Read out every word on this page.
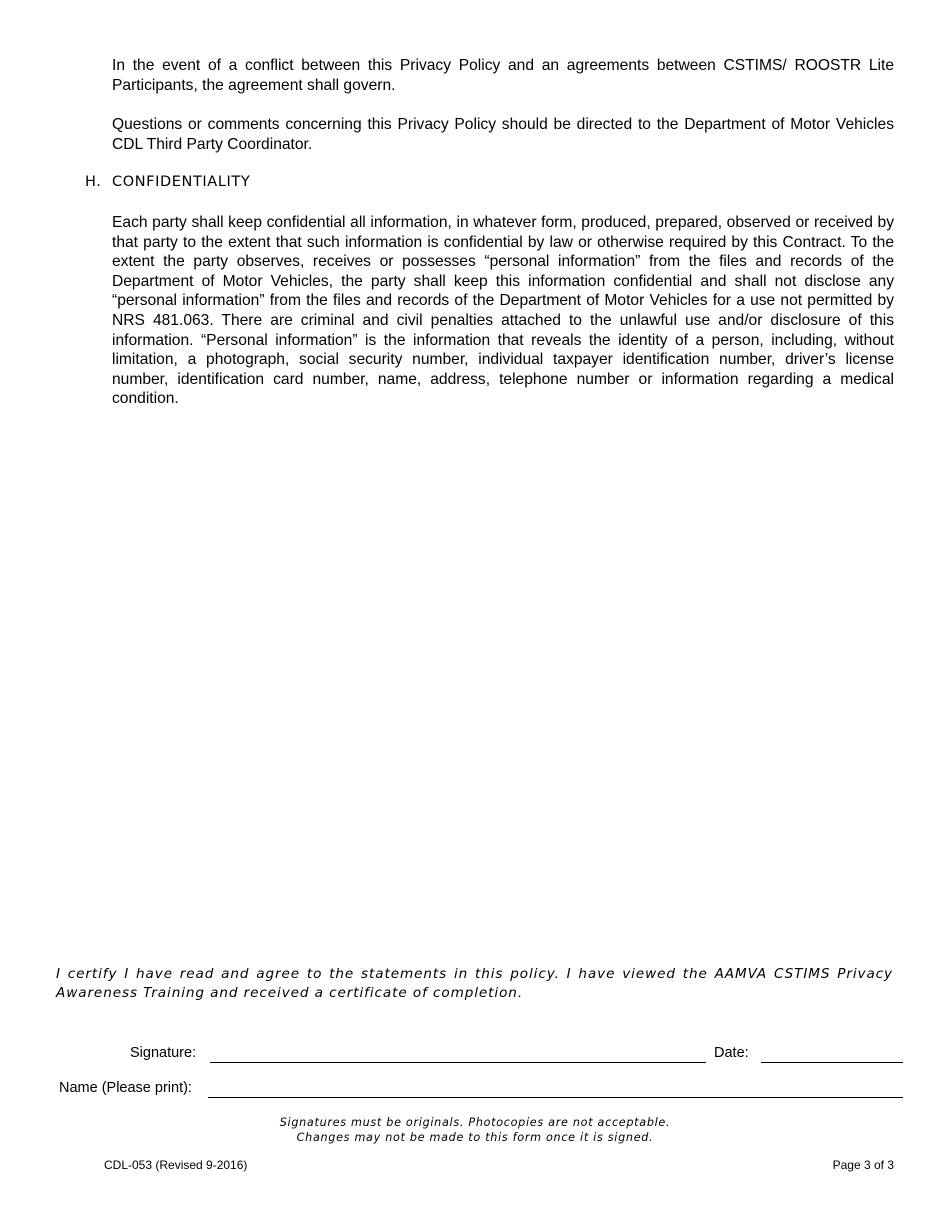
In the event of a conflict between this Privacy Policy and an agreements between CSTIMS/ ROOSTR Lite Participants, the agreement shall govern.

Questions or comments concerning this Privacy Policy should be directed to the Department of Motor Vehicles CDL Third Party Coordinator.

H. CONFIDENTIALITY

Each party shall keep confidential all information, in whatever form, produced, prepared, observed or received by that party to the extent that such information is confidential by law or otherwise required by this Contract. To the extent the party observes, receives or possesses “personal information” from the files and records of the Department of Motor Vehicles, the party shall keep this information confidential and shall not disclose any “personal information” from the files and records of the Department of Motor Vehicles for a use not permitted by NRS 481.063. There are criminal and civil penalties attached to the unlawful use and/or disclosure of this information. “Personal information” is the information that reveals the identity of a person, including, without limitation, a photograph, social security number, individual taxpayer identification number, driver’s license number, identification card number, name, address, telephone number or information regarding a medical condition.

I certify I have read and agree to the statements in this policy. I have viewed the AAMVA CSTIMS Privacy Awareness Training and received a certificate of completion.

Signature:	Date:
Name (Please print):
Signatures must be originals. Photocopies are not acceptable.
Changes may not be made to this form once it is signed.
CDL-053 (Revised 9-2016)	Page 3 of 3
